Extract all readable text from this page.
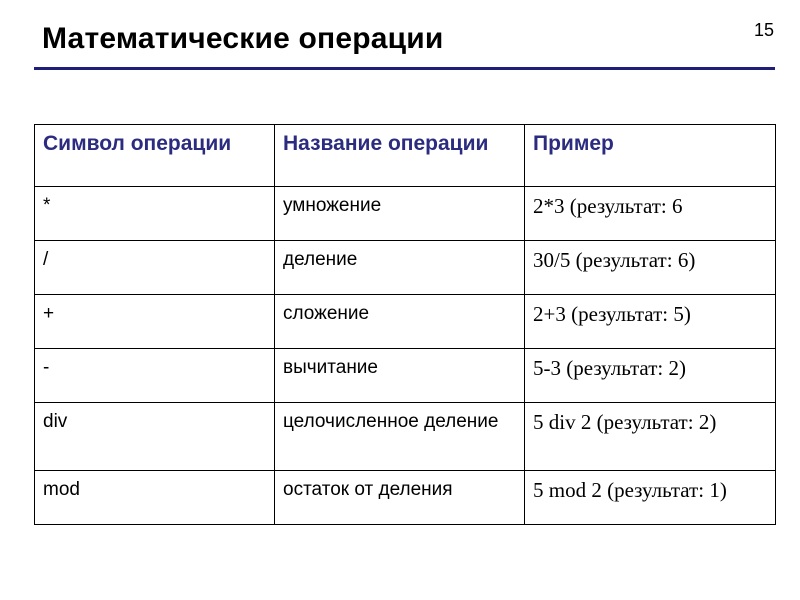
Математические операции	15
Символ операции	Название операции	Пример
*	умножение	2*3 (результат: 6
/	деление	30/5 (результат: 6)
+	сложение	2+3 (результат: 5)
-	вычитание	5-3 (результат: 2)
div	целочисленное деление	5 div 2 (результат: 2)
mod	остаток от деления	5 mod 2 (результат: 1)
